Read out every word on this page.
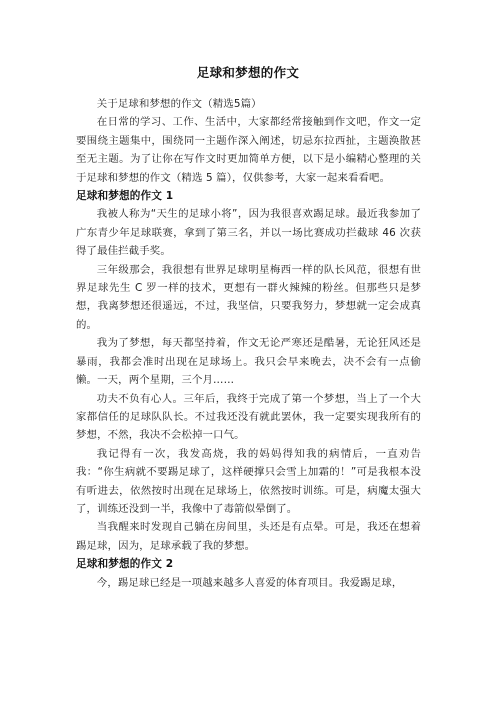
足球和梦想的作文

关于足球和梦想的作文（精选5篇）

在日常的学习、工作、生活中，大家都经常接触到作文吧，作文一定要围绕主题集中，围绕同一主题作深入阐述，切忌东拉西扯，主题涣散甚至无主题。为了让你在写作文时更加简单方便，以下是小编精心整理的关于足球和梦想的作文（精选 5 篇），仅供参考，大家一起来看看吧。

足球和梦想的作文 1

我被人称为“天生的足球小将”，因为我很喜欢踢足球。最近我参加了广东青少年足球联赛，拿到了第三名，并以一场比赛成功拦截球 46 次获得了最佳拦截手奖。

三年级那会，我很想有世界足球明星梅西一样的队长风范，很想有世界足球先生 C 罗一样的技术，更想有一群火辣辣的粉丝。但那些只是梦想，我离梦想还很遥远，不过，我坚信，只要我努力，梦想就一定会成真的。

我为了梦想，每天都坚持着，作文无论严寒还是酷暑，无论狂风还是暴雨，我都会准时出现在足球场上。我只会早来晚去，决不会有一点偷懒。一天，两个星期，三个月……

功夫不负有心人。三年后，我终于完成了第一个梦想，当上了一个大家都信任的足球队队长。不过我还没有就此罢休，我一定要实现我所有的梦想，不然，我决不会松掉一口气。

我记得有一次，我发高烧，我的妈妈得知我的病情后，一直劝告我：“你生病就不要踢足球了，这样硬撑只会雪上加霜的！”可是我根本没有听进去，依然按时出现在足球场上，依然按时训练。可是，病魔太强大了，训练还没到一半，我像中了毒箭似晕倒了。

当我醒来时发现自己躺在房间里，头还是有点晕。可是，我还在想着踢足球，因为，足球承载了我的梦想。

足球和梦想的作文 2

今，踢足球已经是一项越来越多人喜爱的体育项目。我爱踢足球，
